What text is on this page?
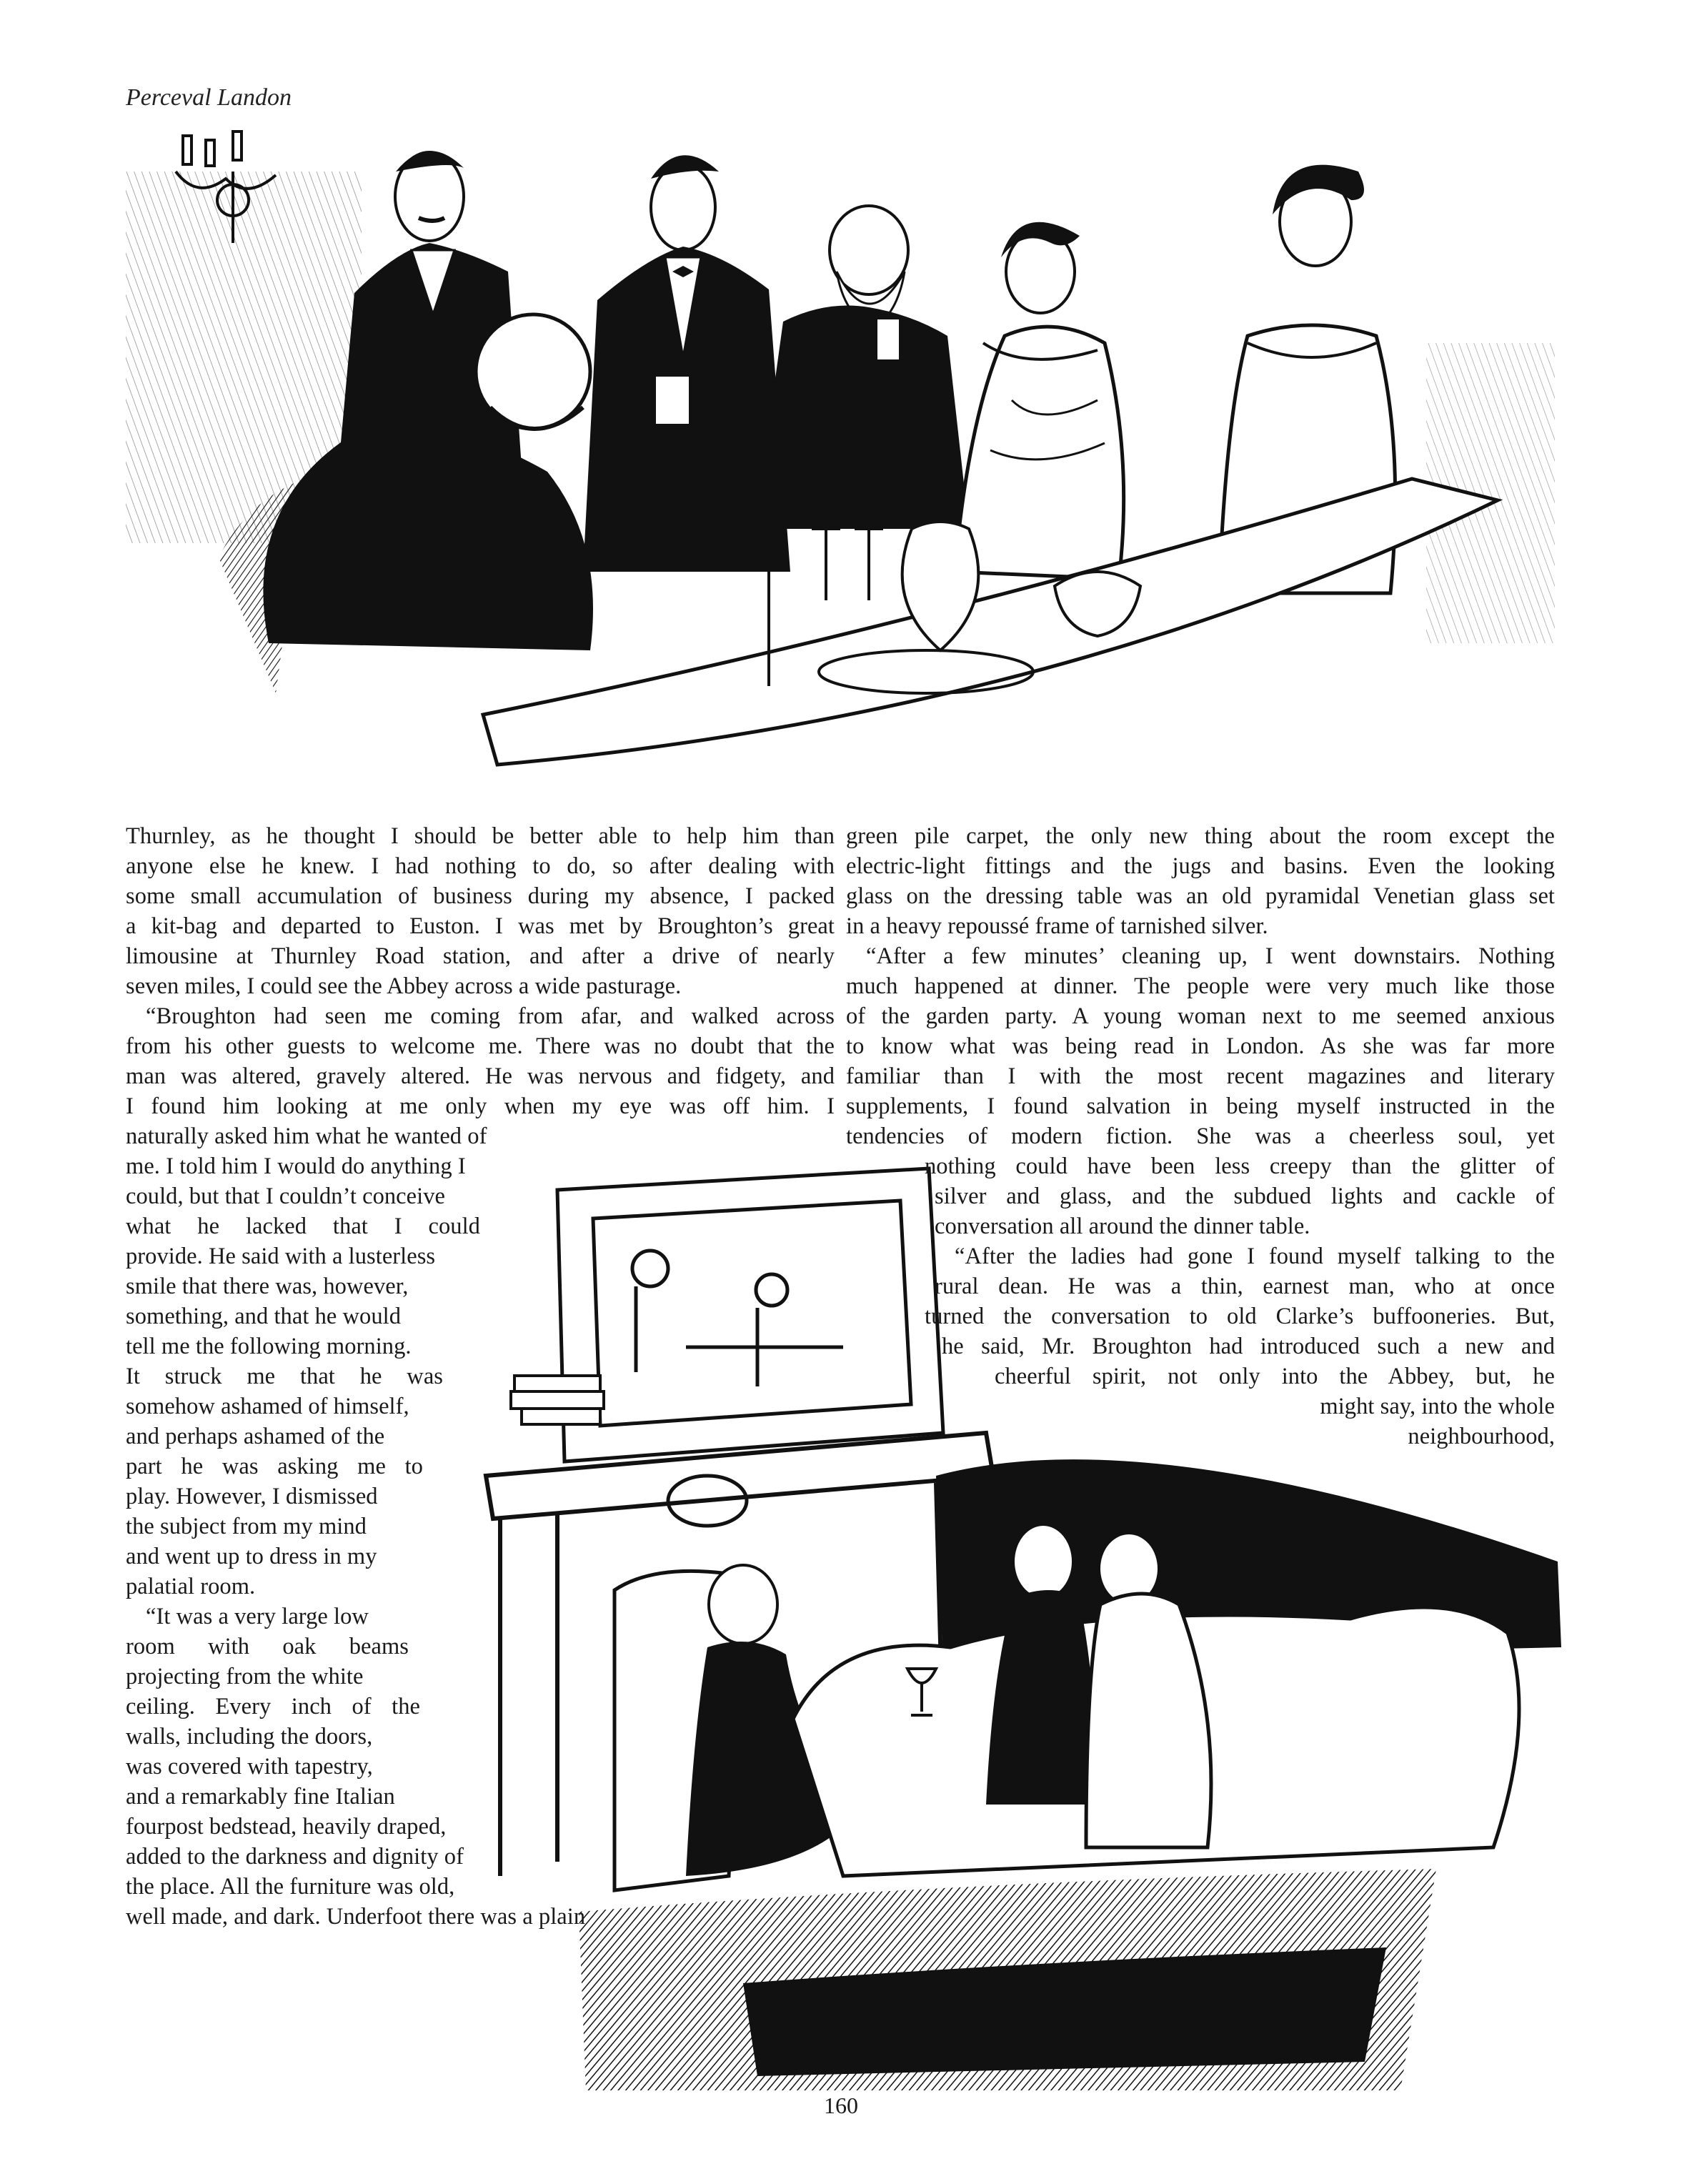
Perceval Landon
Thurnley, as he thought I should be better able to help him than
anyone else he knew. I had nothing to do, so after dealing with
some small accumulation of business during my absence, I packed
a kit-bag and departed to Euston. I was met by Broughton’s great
limousine at Thurnley Road station, and after a drive of nearly
seven miles, I could see the Abbey across a wide pasturage.
“Broughton had seen me coming from afar, and walked across
from his other guests to welcome me. There was no doubt that the
man was altered, gravely altered. He was nervous and fidgety, and
I found him looking at me only when my eye was off him. I
naturally asked him what he wanted of
me. I told him I would do anything I
could, but that I couldn’t conceive
what he lacked that I could
provide. He said with a lusterless
smile that there was, however,
something, and that he would
tell me the following morning.
It struck me that he was
somehow ashamed of himself,
and perhaps ashamed of the
part he was asking me to
play. However, I dismissed
the subject from my mind
and went up to dress in my
palatial room.
“It was a very large low
room with oak beams
projecting from the white
ceiling. Every inch of the
walls, including the doors,
was covered with tapestry,
and a remarkably fine Italian
fourpost bedstead, heavily draped,
added to the darkness and dignity of
the place. All the furniture was old,
well made, and dark. Underfoot there was a plain
green pile carpet, the only new thing about the room except the
electric-light fittings and the jugs and basins. Even the looking
glass on the dressing table was an old pyramidal Venetian glass set
in a heavy repoussé frame of tarnished silver.
“After a few minutes’ cleaning up, I went downstairs. Nothing
much happened at dinner. The people were very much like those
of the garden party. A young woman next to me seemed anxious
to know what was being read in London. As she was far more
familiar than I with the most recent magazines and literary
supplements, I found salvation in being myself instructed in the
tendencies of modern fiction. She was a cheerless soul, yet
nothing could have been less creepy than the glitter of
silver and glass, and the subdued lights and cackle of
conversation all around the dinner table.
“After the ladies had gone I found myself talking to the
rural dean. He was a thin, earnest man, who at once
turned the conversation to old Clarke’s buffooneries. But,
he said, Mr. Broughton had introduced such a new and
cheerful spirit, not only into the Abbey, but, he
might say, into the whole
neighbourhood,
160
